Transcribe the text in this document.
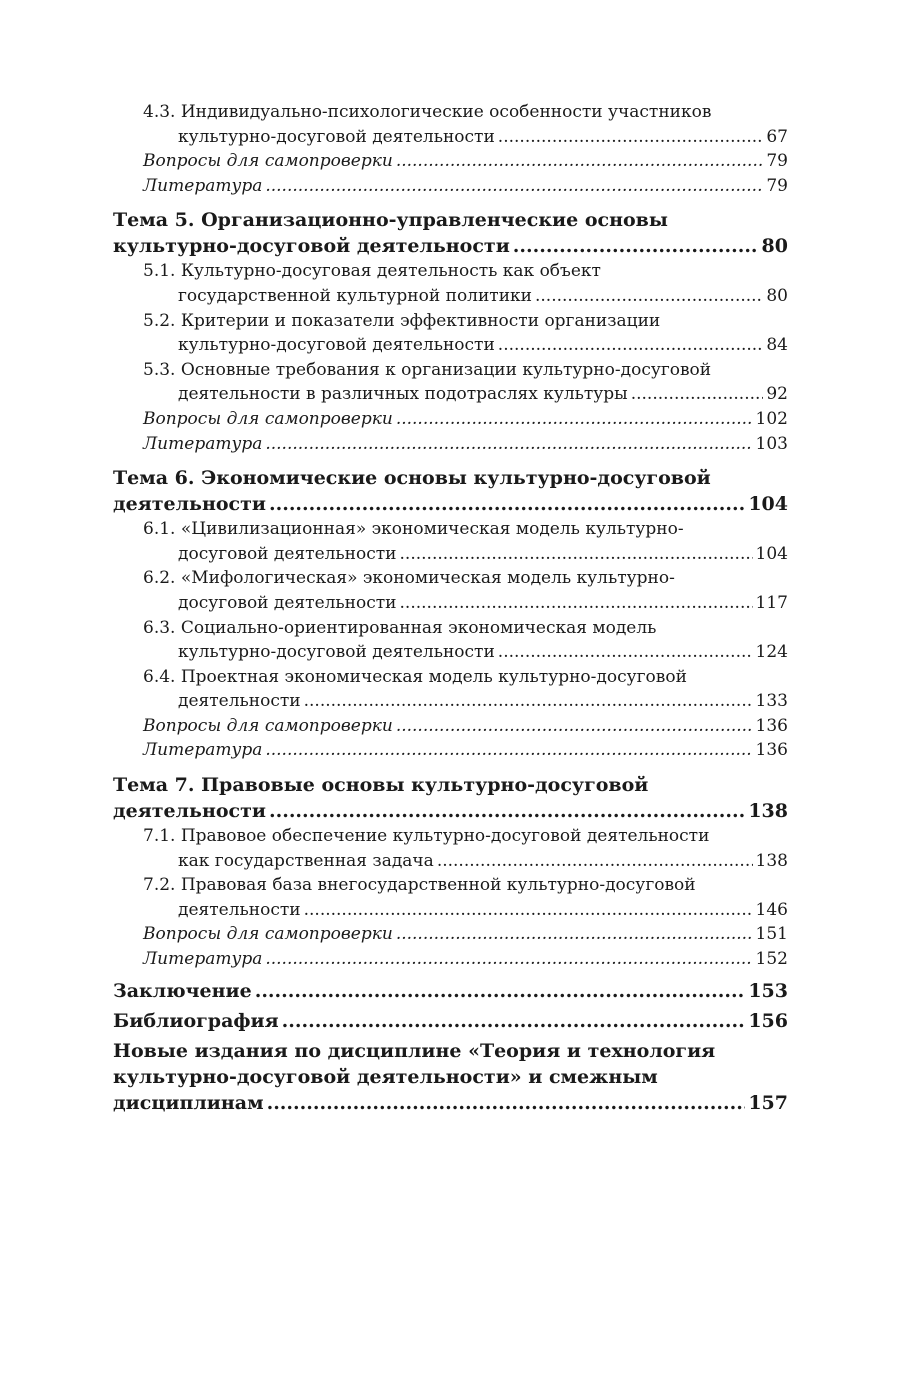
4.3. Индивидуально-психологические особенности участников
культурно-досуговой деятельности .....	67
Вопросы для самопроверки .....	79
Литература .....	79
Тема 5. Организационно-управленческие основы
культурно-досуговой деятельности .....	80
5.1. Культурно-досуговая деятельность как объект
государственной культурной политики .....	80
5.2. Критерии и показатели эффективности организации
культурно-досуговой деятельности .....	84
5.3. Основные требования к организации культурно-досуговой
деятельности в различных подотраслях культуры .....	92
Вопросы для самопроверки .....	102
Литература .....	103
Тема 6. Экономические основы культурно-досуговой
деятельности .....	104
6.1. «Цивилизационная» экономическая модель культурно-
досуговой деятельности .....	104
6.2. «Мифологическая» экономическая модель культурно-
досуговой деятельности .....	117
6.3. Социально-ориентированная экономическая модель
культурно-досуговой деятельности .....	124
6.4. Проектная экономическая модель культурно-досуговой
деятельности .....	133
Вопросы для самопроверки .....	136
Литература .....	136
Тема 7. Правовые основы культурно-досуговой
деятельности .....	138
7.1. Правовое обеспечение культурно-досуговой деятельности
как государственная задача .....	138
7.2. Правовая база внегосударственной культурно-досуговой
деятельности .....	146
Вопросы для самопроверки .....	151
Литература .....	152
Заключение .....	153
Библиография .....	156
Новые издания по дисциплине «Теория и технология
культурно-досуговой деятельности» и смежным
дисциплинам .....	157
